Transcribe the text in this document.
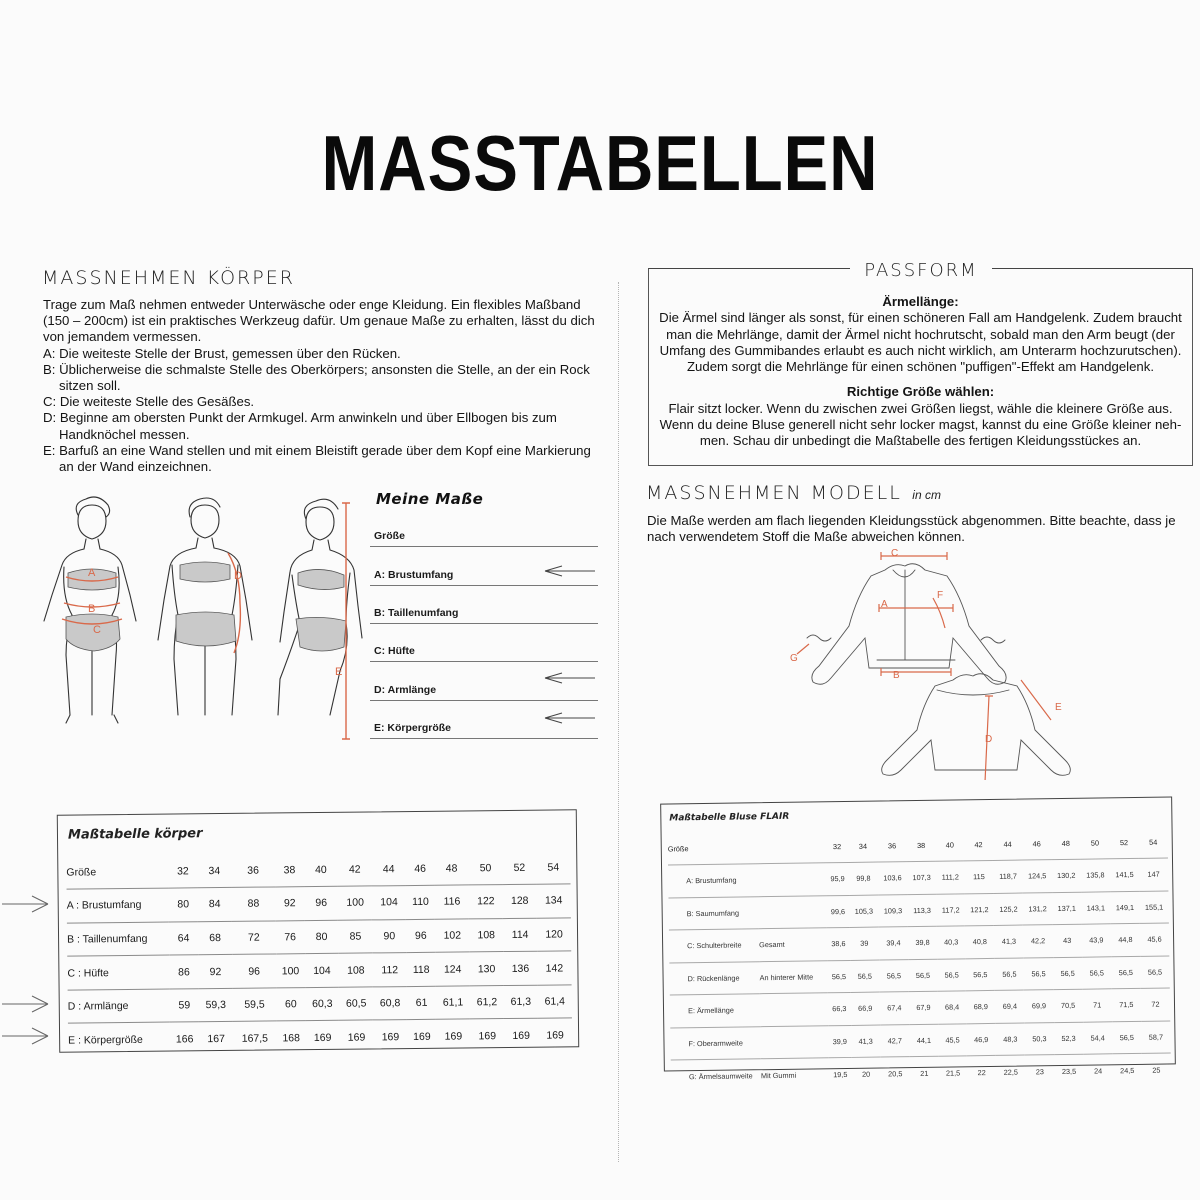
MASSTABELLEN
MASSNEHMEN KÖRPER
Trage zum Maß nehmen entweder Unterwäsche oder enge Kleidung. Ein flexibles Maßband
(150 – 200cm) ist ein praktisches Werkzeug dafür. Um genaue Maße zu erhalten, lässt du dich
von jemandem vermessen.
A: Die weiteste Stelle der Brust, gemessen über den Rücken.
B: Üblicherweise die schmalste Stelle des Oberkörpers; ansonsten die Stelle, an der ein Rock
sitzen soll.
C: Die weiteste Stelle des Gesäßes.
D: Beginne am obersten Punkt der Armkugel. Arm anwinkeln und über Ellbogen bis zum
Handknöchel messen.
E: Barfuß an eine Wand stellen und mit einem Bleistift gerade über dem Kopf eine Markierung
an der Wand einzeichnen.
A
B
C
D
E
Meine Maße
Größe
A: Brustumfang
B: Taillenumfang
C: Hüfte
D: Armlänge
E: Körpergröße
PASSFORM
Ärmellänge:
Die Ärmel sind länger als sonst, für einen schöneren Fall am Handgelenk. Zudem braucht
man die Mehrlänge, damit der Ärmel nicht hochrutscht, sobald man den Arm beugt (der
Umfang des Gummibandes erlaubt es auch nicht wirklich, am Unterarm hochzurutschen).
Zudem sorgt die Mehrlänge für einen schönen "puffigen"-Effekt am Handgelenk.
Richtige Größe wählen:
Flair sitzt locker. Wenn du zwischen zwei Größen liegst, wähle die kleinere Größe aus.
Wenn du deine Bluse generell nicht sehr locker magst, kannst du eine Größe kleiner neh-
men. Schau dir unbedingt die Maßtabelle des fertigen Kleidungsstückes an.
MASSNEHMEN MODELL in cm
Die Maße werden am flach liegenden Kleidungsstück abgenommen. Bitte beachte, dass je
nach verwendetem Stoff die Maße abweichen können.
C
A
B
F
G
D
E
Maßtabelle körper
Größe	32	34	36	38	40	42	44	46	48	50	52	54
A : Brustumfang	80	84	88	92	96	100	104	110	116	122	128	134
B : Taillenumfang	64	68	72	76	80	85	90	96	102	108	114	120
C : Hüfte	86	92	96	100	104	108	112	118	124	130	136	142
D : Armlänge	59	59,3	59,5	60	60,3	60,5	60,8	61	61,1	61,2	61,3	61,4
E : Körpergröße	166	167	167,5	168	169	169	169	169	169	169	169	169
Maßtabelle Bluse FLAIR
Größe		32	34	36	38	40	42	44	46	48	50	52	54
A: Brustumfang		95,9	99,8	103,6	107,3	111,2	115	118,7	124,5	130,2	135,8	141,5	147
B: Saumumfang		99,6	105,3	109,3	113,3	117,2	121,2	125,2	131,2	137,1	143,1	149,1	155,1
C: Schulterbreite	Gesamt	38,6	39	39,4	39,8	40,3	40,8	41,3	42,2	43	43,9	44,8	45,6
D: Rückenlänge	An hinterer Mitte	56,5	56,5	56,5	56,5	56,5	56,5	56,5	56,5	56,5	56,5	56,5	56,5
E: Ärmellänge		66,3	66,9	67,4	67,9	68,4	68,9	69,4	69,9	70,5	71	71,5	72
F: Oberarmweite		39,9	41,3	42,7	44,1	45,5	46,9	48,3	50,3	52,3	54,4	56,5	58,7
G: Ärmelsaumweite	Mit Gummi	19,5	20	20,5	21	21,5	22	22,5	23	23,5	24	24,5	25
